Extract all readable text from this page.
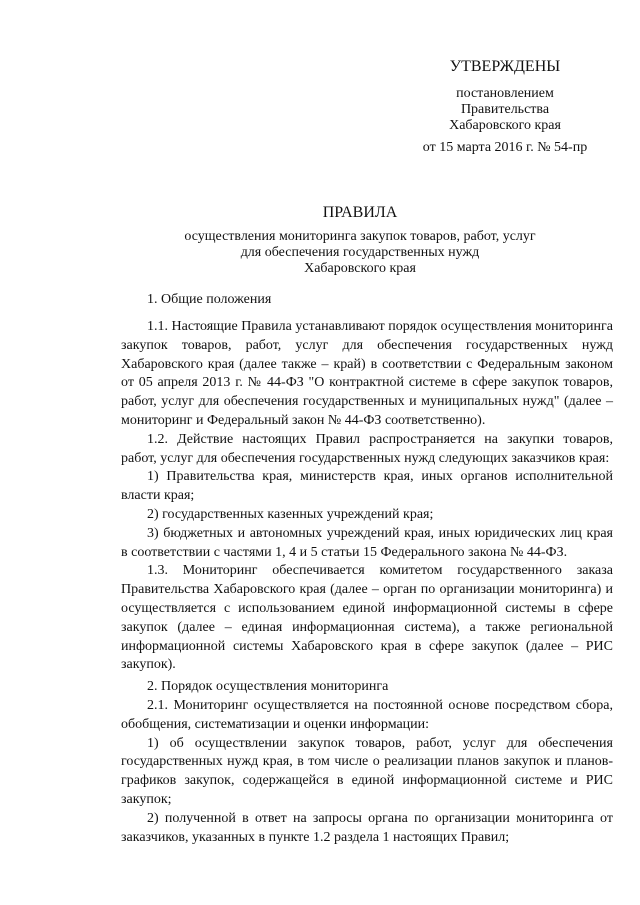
УТВЕРЖДЕНЫ
постановлением
Правительства
Хабаровского края
от 15 марта 2016 г. № 54-пр
ПРАВИЛА
осуществления мониторинга закупок товаров, работ, услуг
для обеспечения государственных нужд
Хабаровского края
1. Общие положения

1.1. Настоящие Правила устанавливают порядок осуществления мониторинга закупок товаров, работ, услуг для обеспечения государственных нужд Хабаровского края (далее также – край) в соответствии с Федеральным законом от 05 апреля 2013 г. № 44-ФЗ "О контрактной системе в сфере закупок товаров, работ, услуг для обеспечения государственных и муниципальных нужд" (далее – мониторинг и Федеральный закон № 44-ФЗ соответственно).

1.2. Действие настоящих Правил распространяется на закупки товаров, работ, услуг для обеспечения государственных нужд следующих заказчиков края:

1) Правительства края, министерств края, иных органов исполнительной власти края;

2) государственных казенных учреждений края;

3) бюджетных и автономных учреждений края, иных юридических лиц края в соответствии с частями 1, 4 и 5 статьи 15 Федерального закона № 44-ФЗ.

1.3. Мониторинг обеспечивается комитетом государственного заказа Правительства Хабаровского края (далее – орган по организации мониторинга) и осуществляется с использованием единой информационной системы в сфере закупок (далее – единая информационная система), а также региональной информационной системы Хабаровского края в сфере закупок (далее – РИС закупок).

2. Порядок осуществления мониторинга

2.1. Мониторинг осуществляется на постоянной основе посредством сбора, обобщения, систематизации и оценки информации:

1) об осуществлении закупок товаров, работ, услуг для обеспечения государственных нужд края, в том числе о реализации планов закупок и планов-графиков закупок, содержащейся в единой информационной системе и РИС закупок;

2) полученной в ответ на запросы органа по организации мониторинга от заказчиков, указанных в пункте 1.2 раздела 1 настоящих Правил;
